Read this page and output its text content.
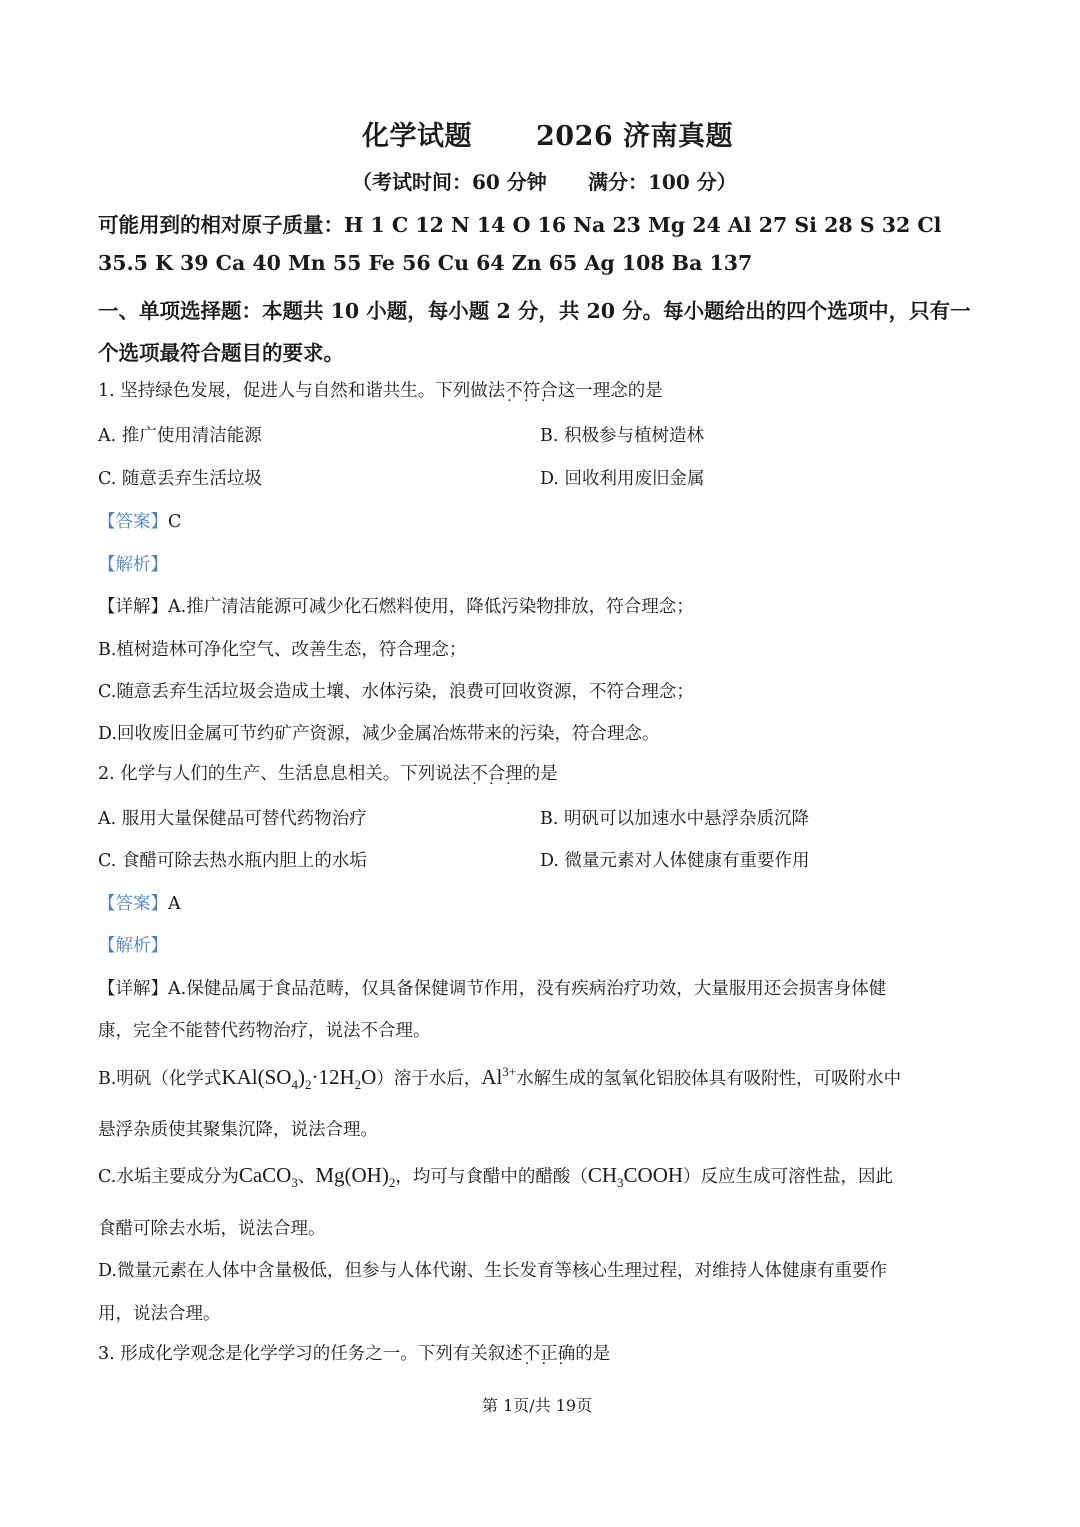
化学试题 2026 济南真题
（考试时间：60 分钟 满分：100 分）
可能用到的相对原子质量：H 1 C 12 N 14 O 16 Na 23 Mg 24 Al 27 Si 28 S 32 Cl
35.5 K 39 Ca 40 Mn 55 Fe 56 Cu 64 Zn 65 Ag 108 Ba 137
一、单项选择题：本题共 10 小题，每小题 2 分，共 20 分。每小题给出的四个选项中，只有一
个选项最符合题目的要求。
1. 坚持绿色发展，促进人与自然和谐共生。下列做法不符合 · · ·这一理念的是
A. 推广使用清洁能源	B. 积极参与植树造林
C. 随意丢弃生活垃圾	D. 回收利用废旧金属
【答案】C
【解析】
【详解】A.推广清洁能源可减少化石燃料使用，降低污染物排放，符合理念；
B.植树造林可净化空气、改善生态，符合理念；
C.随意丢弃生活垃圾会造成土壤、水体污染，浪费可回收资源，不符合理念；
D.回收废旧金属可节约矿产资源，减少金属冶炼带来的污染，符合理念。
2. 化学与人们的生产、生活息息相关。下列说法不合理 · · ·的是
A. 服用大量保健品可替代药物治疗	B. 明矾可以加速水中悬浮杂质沉降
C. 食醋可除去热水瓶内胆上的水垢	D. 微量元素对人体健康有重要作用
【答案】A
【解析】
【详解】A.保健品属于食品范畴，仅具备保健调节作用，没有疾病治疗功效，大量服用还会损害身体健
康，完全不能替代药物治疗，说法不合理。
B.明矾（化学式$KAl(SO_4)_2\cdot 12H_2O$）溶于水后，$Al^{3+}$水解生成的氢氧化铝胶体具有吸附性，可吸附水中
悬浮杂质使其聚集沉降，说法合理。
C.水垢主要成分为CaCO$_3$、$Mg(OH)_2$，均可与食醋中的醋酸$(CH_3COOH)$反应生成可溶性盐，因此
食醋可除去水垢，说法合理。
D.微量元素在人体中含量极低，但参与人体代谢、生长发育等核心生理过程，对维持人体健康有重要作
用，说法合理。
3. 形成化学观念是化学学习的任务之一。下列有关叙述不正确 · · ·的是
第 1页/共 19页
